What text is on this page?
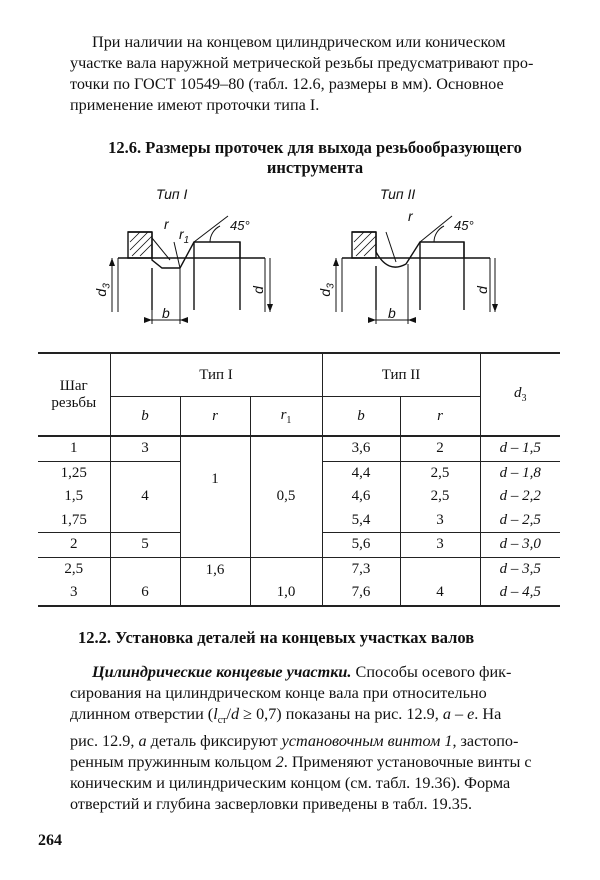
При наличии на концевом цилиндрическом или коническом
участке вала наружной метрической резьбы предусматривают про-
точки по ГОСТ 10549–80 (табл. 12.6, размеры в мм). Основное
применение имеют проточки типа I.
12.6. Размеры проточек для выхода резьбообразующего
инструмента
Тип I	Тип II
r
$r_1$
45°
b
d
$d_3$
r
45°
b
d
$d_3$
Шаг
резьбы	Тип I			Тип II		$d_3$
	b	r	$r_1$	b	r	
1	3	1	0,5	3,6	2	d – 1,5
1,25	4			4,4	2,5	d – 1,8
1,5				4,6	2,5	d – 2,2
1,75				5,4	3	d – 2,5
2	5			5,6	3	d – 3,0
2,5		1,6		7,3		d – 3,5
3	6		1,0	7,6	4	d – 4,5
12.2. Установка деталей на концевых участках валов
Цилиндрические концевые участки. Способы осевого фик-
сирования на цилиндрическом конце вала при относительно
длинном отверстии $(l_{ст}/d \ge 0,7)$ показаны на рис. 12.9, а – е. На
рис. 12.9, а деталь фиксируют установочным винтом 1, застопо-
ренным пружинным кольцом 2. Применяют установочные винты с
коническим и цилиндрическим концом (см. табл. 19.36). Форма
отверстий и глубина засверловки приведены в табл. 19.35.
264
